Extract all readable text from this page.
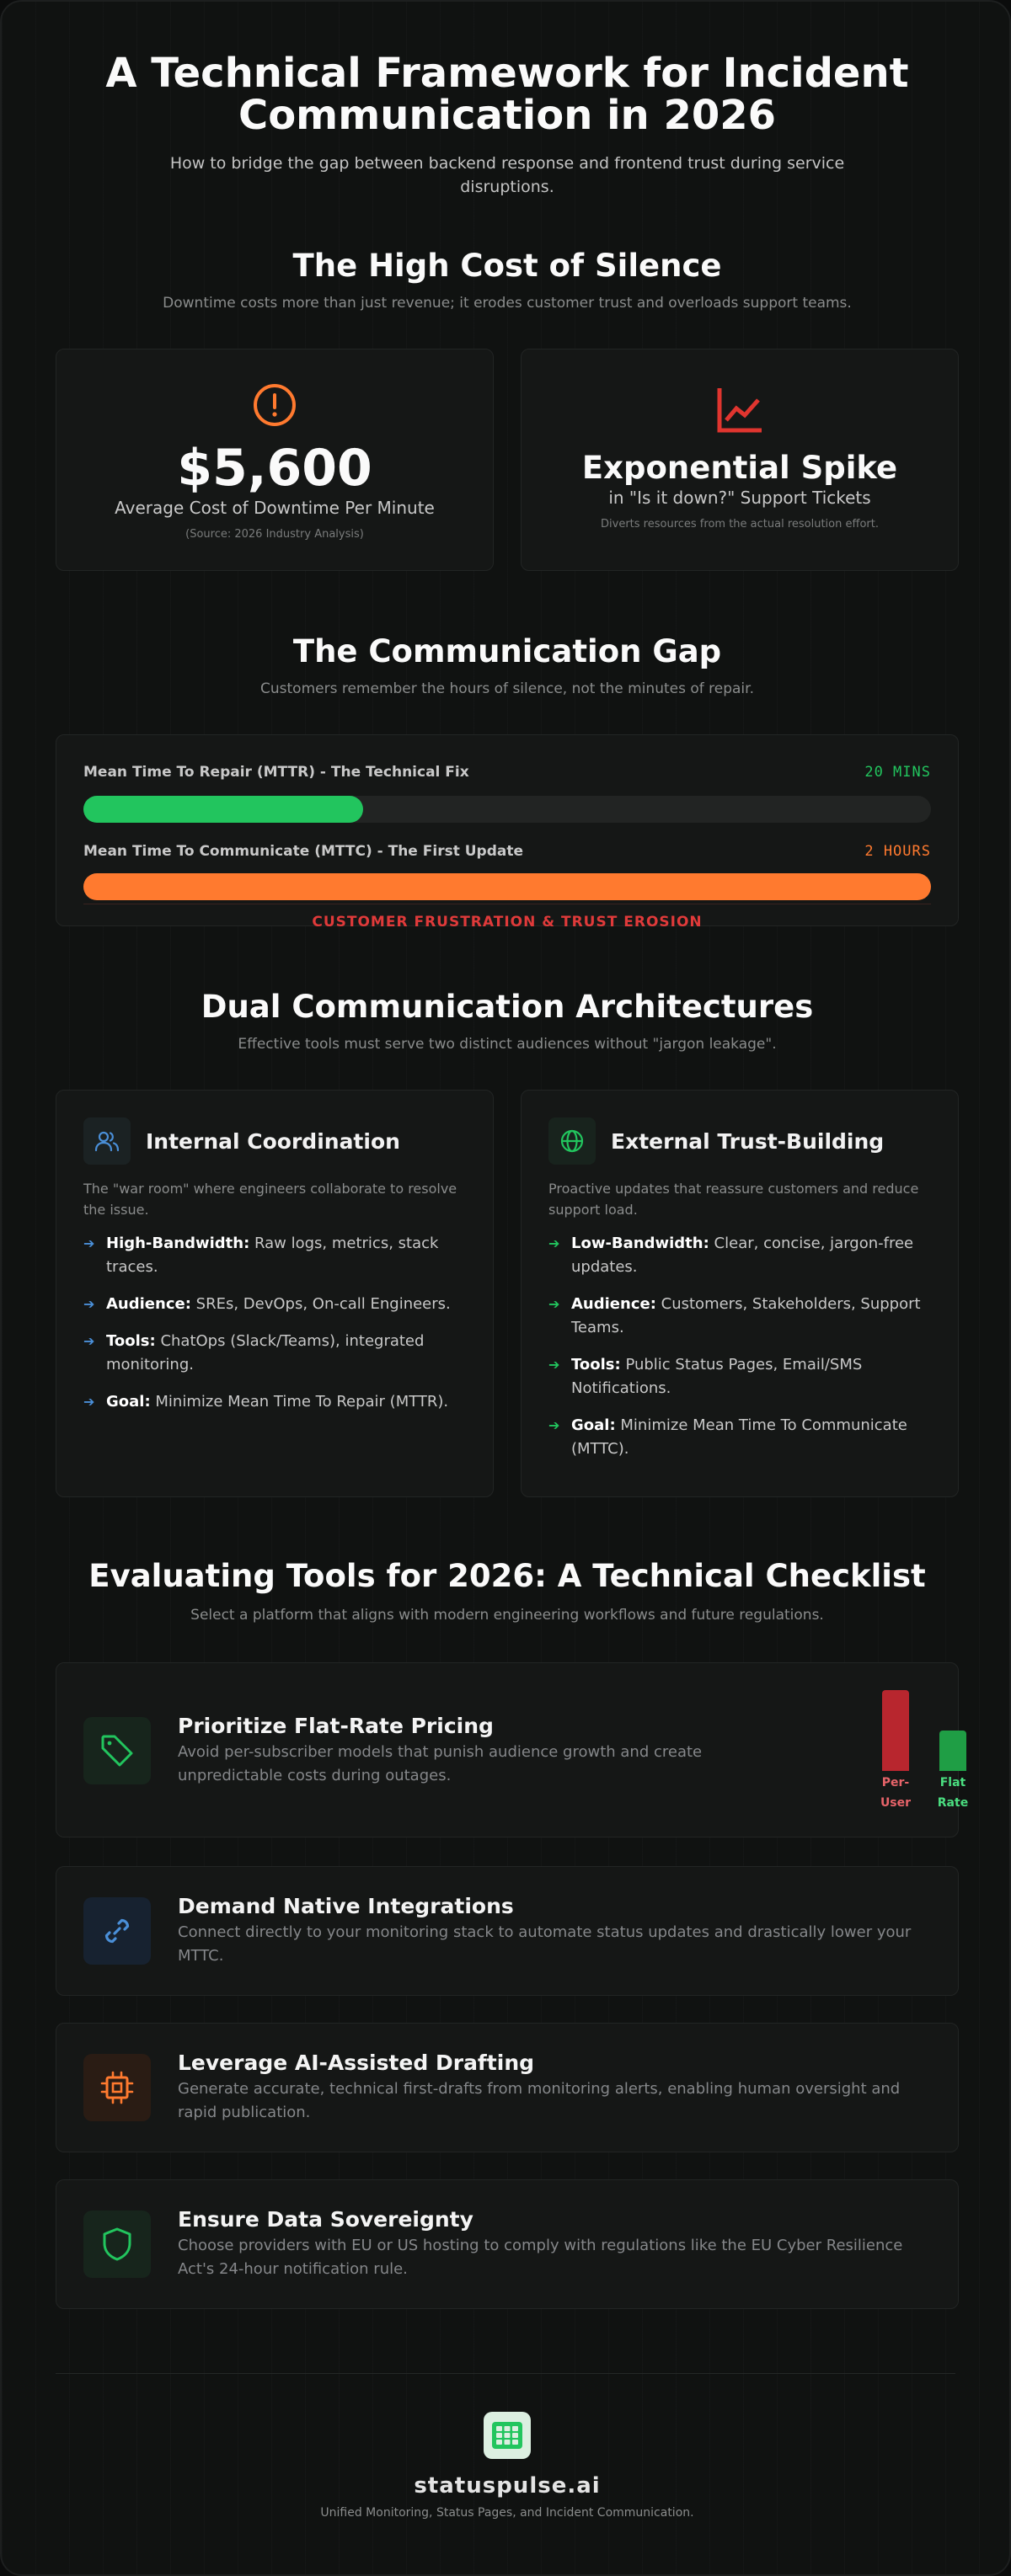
A Technical Framework for Incident Communication in 2026

How to bridge the gap between backend response and frontend trust during service disruptions.

The High Cost of Silence

Downtime costs more than just revenue; it erodes customer trust and overloads support teams.

$5,600
Average Cost of Downtime Per Minute
(Source: 2026 Industry Analysis)
Exponential Spike
in "Is it down?" Support Tickets
Diverts resources from the actual resolution effort.
The Communication Gap

Customers remember the hours of silence, not the minutes of repair.

Mean Time To Repair (MTTR) - The Technical Fix	20 MINS
Mean Time To Communicate (MTTC) - The First Update	2 HOURS
CUSTOMER FRUSTRATION & TRUST EROSION
Dual Communication Architectures

Effective tools must serve two distinct audiences without "jargon leakage".

Internal Coordination
The "war room" where engineers collaborate to resolve the issue.
➔ High-Bandwidth: Raw logs, metrics, stack traces.
➔ Audience: SREs, DevOps, On-call Engineers.
➔ Tools: ChatOps (Slack/Teams), integrated monitoring.
➔ Goal: Minimize Mean Time To Repair (MTTR).
External Trust-Building
Proactive updates that reassure customers and reduce support load.
➔ Low-Bandwidth: Clear, concise, jargon-free updates.
➔ Audience: Customers, Stakeholders, Support Teams.
➔ Tools: Public Status Pages, Email/SMS Notifications.
➔ Goal: Minimize Mean Time To Communicate (MTTC).
Evaluating Tools for 2026: A Technical Checklist

Select a platform that aligns with modern engineering workflows and future regulations.

Prioritize Flat-Rate Pricing
Avoid per-subscriber models that punish audience growth and create unpredictable costs during outages.	Per-
User
Flat
Rate
Demand Native Integrations
Connect directly to your monitoring stack to automate status updates and drastically lower your MTTC.
Leverage AI-Assisted Drafting
Generate accurate, technical first-drafts from monitoring alerts, enabling human oversight and rapid publication.
Ensure Data Sovereignty
Choose providers with EU or US hosting to comply with regulations like the EU Cyber Resilience Act's 24-hour notification rule.
statuspulse.ai
Unified Monitoring, Status Pages, and Incident Communication.
